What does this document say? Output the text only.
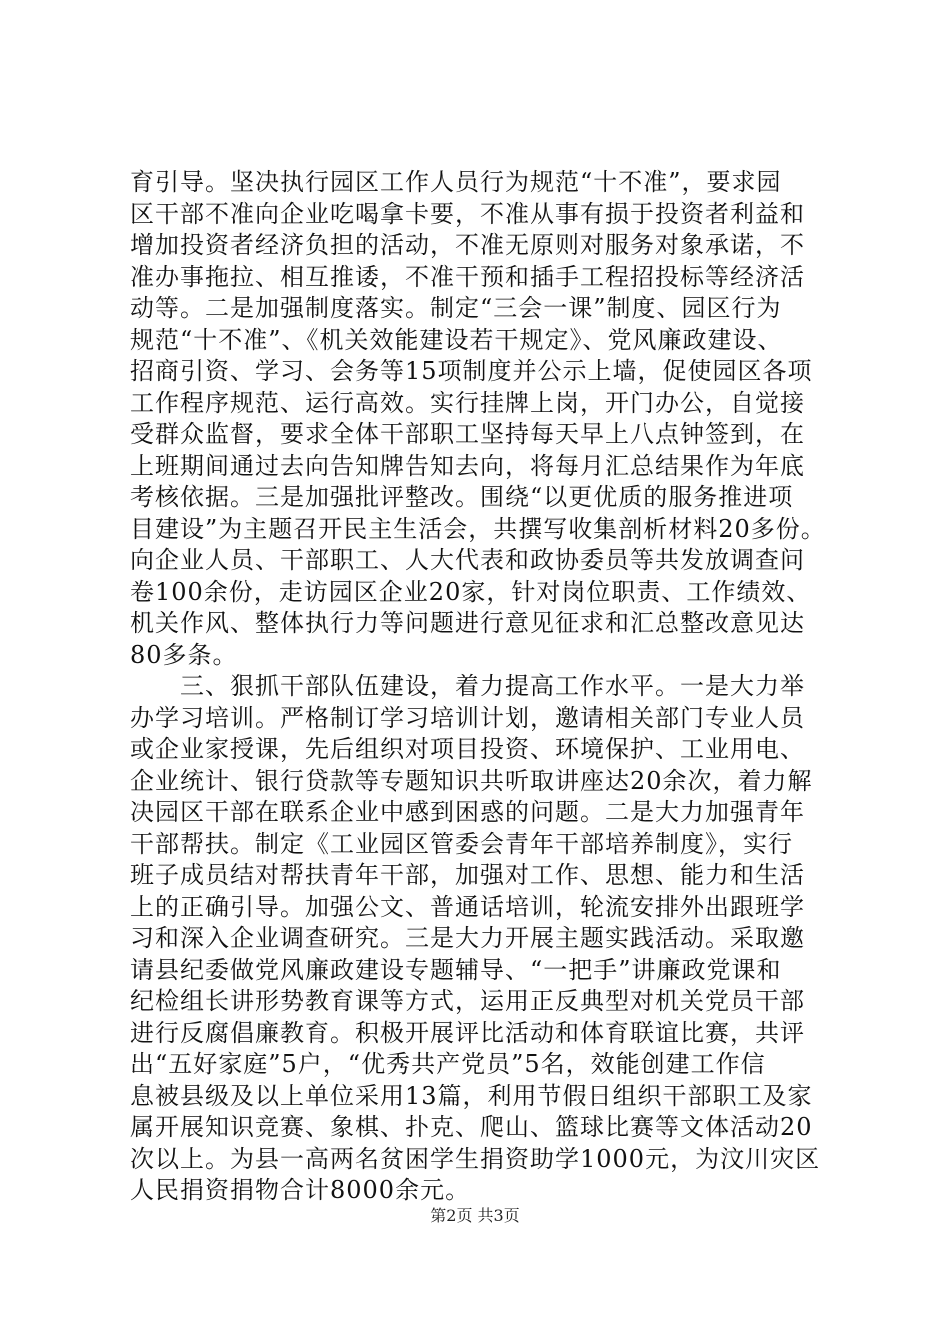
育引导。坚决执行园区工作人员行为规范“十不准”，要求园
区干部不准向企业吃喝拿卡要，不准从事有损于投资者利益和
增加投资者经济负担的活动，不准无原则对服务对象承诺，不
准办事拖拉、相互推诿，不准干预和插手工程招投标等经济活
动等。二是加强制度落实。制定“三会一课”制度、园区行为
规范“十不准”、《机关效能建设若干规定》、党风廉政建设、
招商引资、学习、会务等15项制度并公示上墙，促使园区各项
工作程序规范、运行高效。实行挂牌上岗，开门办公，自觉接
受群众监督，要求全体干部职工坚持每天早上八点钟签到，在
上班期间通过去向告知牌告知去向，将每月汇总结果作为年底
考核依据。三是加强批评整改。围绕“以更优质的服务推进项
目建设”为主题召开民主生活会，共撰写收集剖析材料20多份。
向企业人员、干部职工、人大代表和政协委员等共发放调查问
卷100余份，走访园区企业20家，针对岗位职责、工作绩效、
机关作风、整体执行力等问题进行意见征求和汇总整改意见达
80多条。
　　三、狠抓干部队伍建设，着力提高工作水平。一是大力举
办学习培训。严格制订学习培训计划，邀请相关部门专业人员
或企业家授课，先后组织对项目投资、环境保护、工业用电、
企业统计、银行贷款等专题知识共听取讲座达20余次，着力解
决园区干部在联系企业中感到困惑的问题。二是大力加强青年
干部帮扶。制定《工业园区管委会青年干部培养制度》，实行
班子成员结对帮扶青年干部，加强对工作、思想、能力和生活
上的正确引导。加强公文、普通话培训，轮流安排外出跟班学
习和深入企业调查研究。三是大力开展主题实践活动。采取邀
请县纪委做党风廉政建设专题辅导、“一把手”讲廉政党课和
纪检组长讲形势教育课等方式，运用正反典型对机关党员干部
进行反腐倡廉教育。积极开展评比活动和体育联谊比赛，共评
出“五好家庭”5户，“优秀共产党员”5名，效能创建工作信
息被县级及以上单位采用13篇，利用节假日组织干部职工及家
属开展知识竞赛、象棋、扑克、爬山、篮球比赛等文体活动20
次以上。为县一高两名贫困学生捐资助学1000元，为汶川灾区
人民捐资捐物合计8000余元。
第2页 共3页
